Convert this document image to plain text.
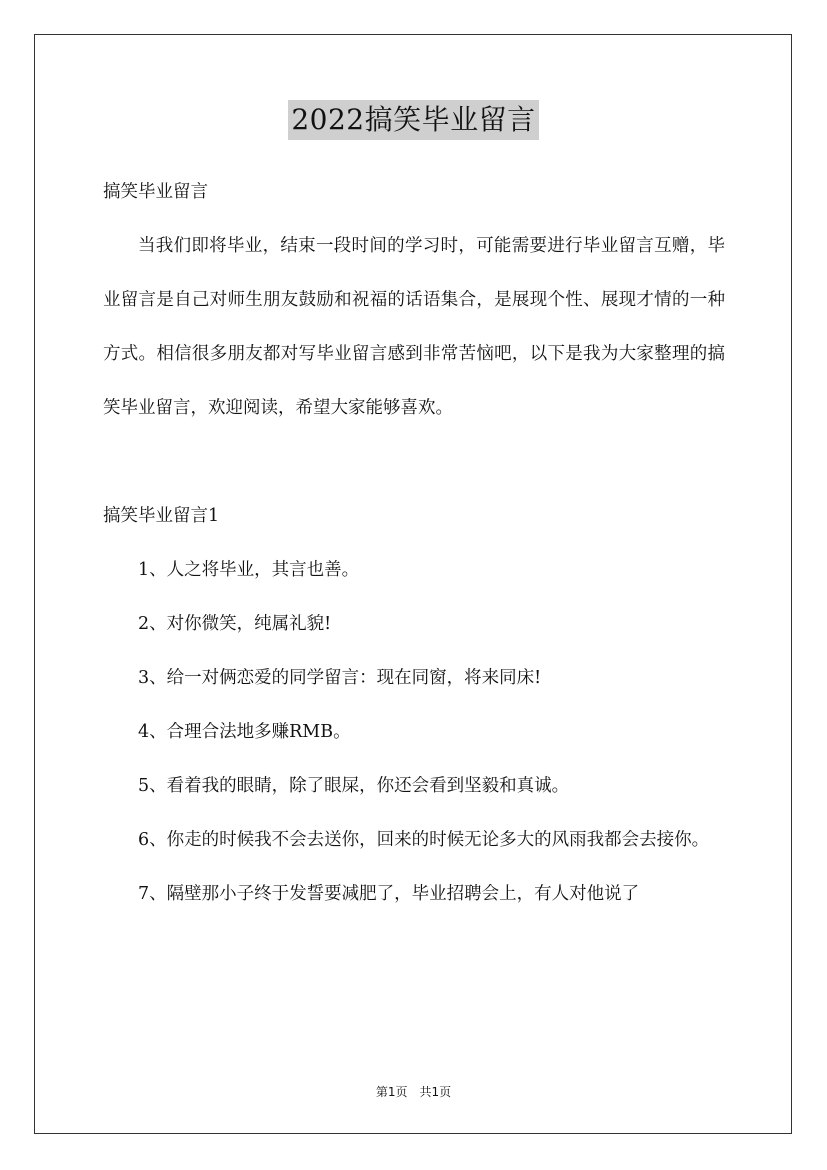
2022搞笑毕业留言

搞笑毕业留言

当我们即将毕业，结束一段时间的学习时，可能需要进行毕业留言互赠，毕业留言是自己对师生朋友鼓励和祝福的话语集合，是展现个性、展现才情的一种方式。相信很多朋友都对写毕业留言感到非常苦恼吧，以下是我为大家整理的搞笑毕业留言，欢迎阅读，希望大家能够喜欢。

搞笑毕业留言1

1、人之将毕业，其言也善。

2、对你微笑，纯属礼貌!

3、给一对俩恋爱的同学留言：现在同窗，将来同床!

4、合理合法地多赚RMB。

5、看着我的眼睛，除了眼屎，你还会看到坚毅和真诚。

6、你走的时候我不会去送你，回来的时候无论多大的风雨我都会去接你。

7、隔壁那小子终于发誓要减肥了，毕业招聘会上，有人对他说了

第1页　共1页
